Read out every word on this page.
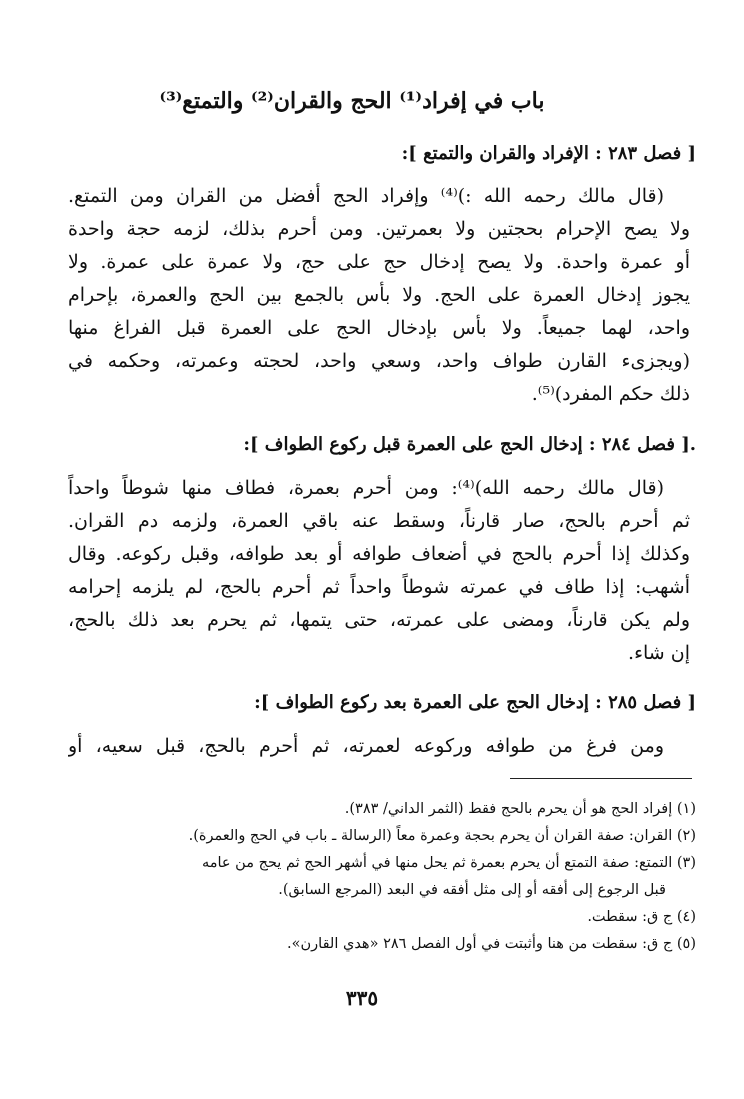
باب في إفراد⁽¹⁾ الحج والقران⁽²⁾ والتمتع⁽³⁾
[ فصل ٢٨٣ : الإفراد والقران والتمتع ]:
(قال مالك رحمه الله :)⁽⁴⁾ وإفراد الحج أفضل من القران ومن التمتع.
ولا يصح الإحرام بحجتين ولا بعمرتين. ومن أحرم بذلك، لزمه حجة واحدة
أو عمرة واحدة. ولا يصح إدخال حج على حج، ولا عمرة على عمرة. ولا
يجوز إدخال العمرة على الحج. ولا بأس بالجمع بين الحج والعمرة، بإحرام
واحد، لهما جميعاً. ولا بأس بإدخال الحج على العمرة قبل الفراغ منها
(ويجزىء القارن طواف واحد، وسعي واحد، لحجته وعمرته، وحكمه في
ذلك حكم المفرد)⁽⁵⁾.
.[ فصل ٢٨٤ : إدخال الحج على العمرة قبل ركوع الطواف ]:
(قال مالك رحمه الله)⁽⁴⁾: ومن أحرم بعمرة، فطاف منها شوطاً واحداً
ثم أحرم بالحج، صار قارناً، وسقط عنه باقي العمرة، ولزمه دم القران.
وكذلك إذا أحرم بالحج في أضعاف طوافه أو بعد طوافه، وقبل ركوعه. وقال
أشهب: إذا طاف في عمرته شوطاً واحداً ثم أحرم بالحج، لم يلزمه إحرامه
ولم يكن قارناً، ومضى على عمرته، حتى يتمها، ثم يحرم بعد ذلك بالحج،
إن شاء.
[ فصل ٢٨٥ : إدخال الحج على العمرة بعد ركوع الطواف ]:
ومن فرغ من طوافه وركوعه لعمرته، ثم أحرم بالحج، قبل سعيه، أو
(١) إفراد الحج هو أن يحرم بالحج فقط (الثمر الداني/ ٣٨٣).
(٢) القران: صفة القران أن يحرم بحجة وعمرة معاً (الرسالة ـ باب في الحج والعمرة).
(٣) التمتع: صفة التمتع أن يحرم بعمرة ثم يحل منها في أشهر الحج ثم يحج من عامه
قبل الرجوع إلى أفقه أو إلى مثل أفقه في البعد (المرجع السابق).
(٤) ج ق: سقطت.
(٥) ج ق: سقطت من هنا وأثبتت في أول الفصل ٢٨٦ «هدي القارن».
٣٣٥
